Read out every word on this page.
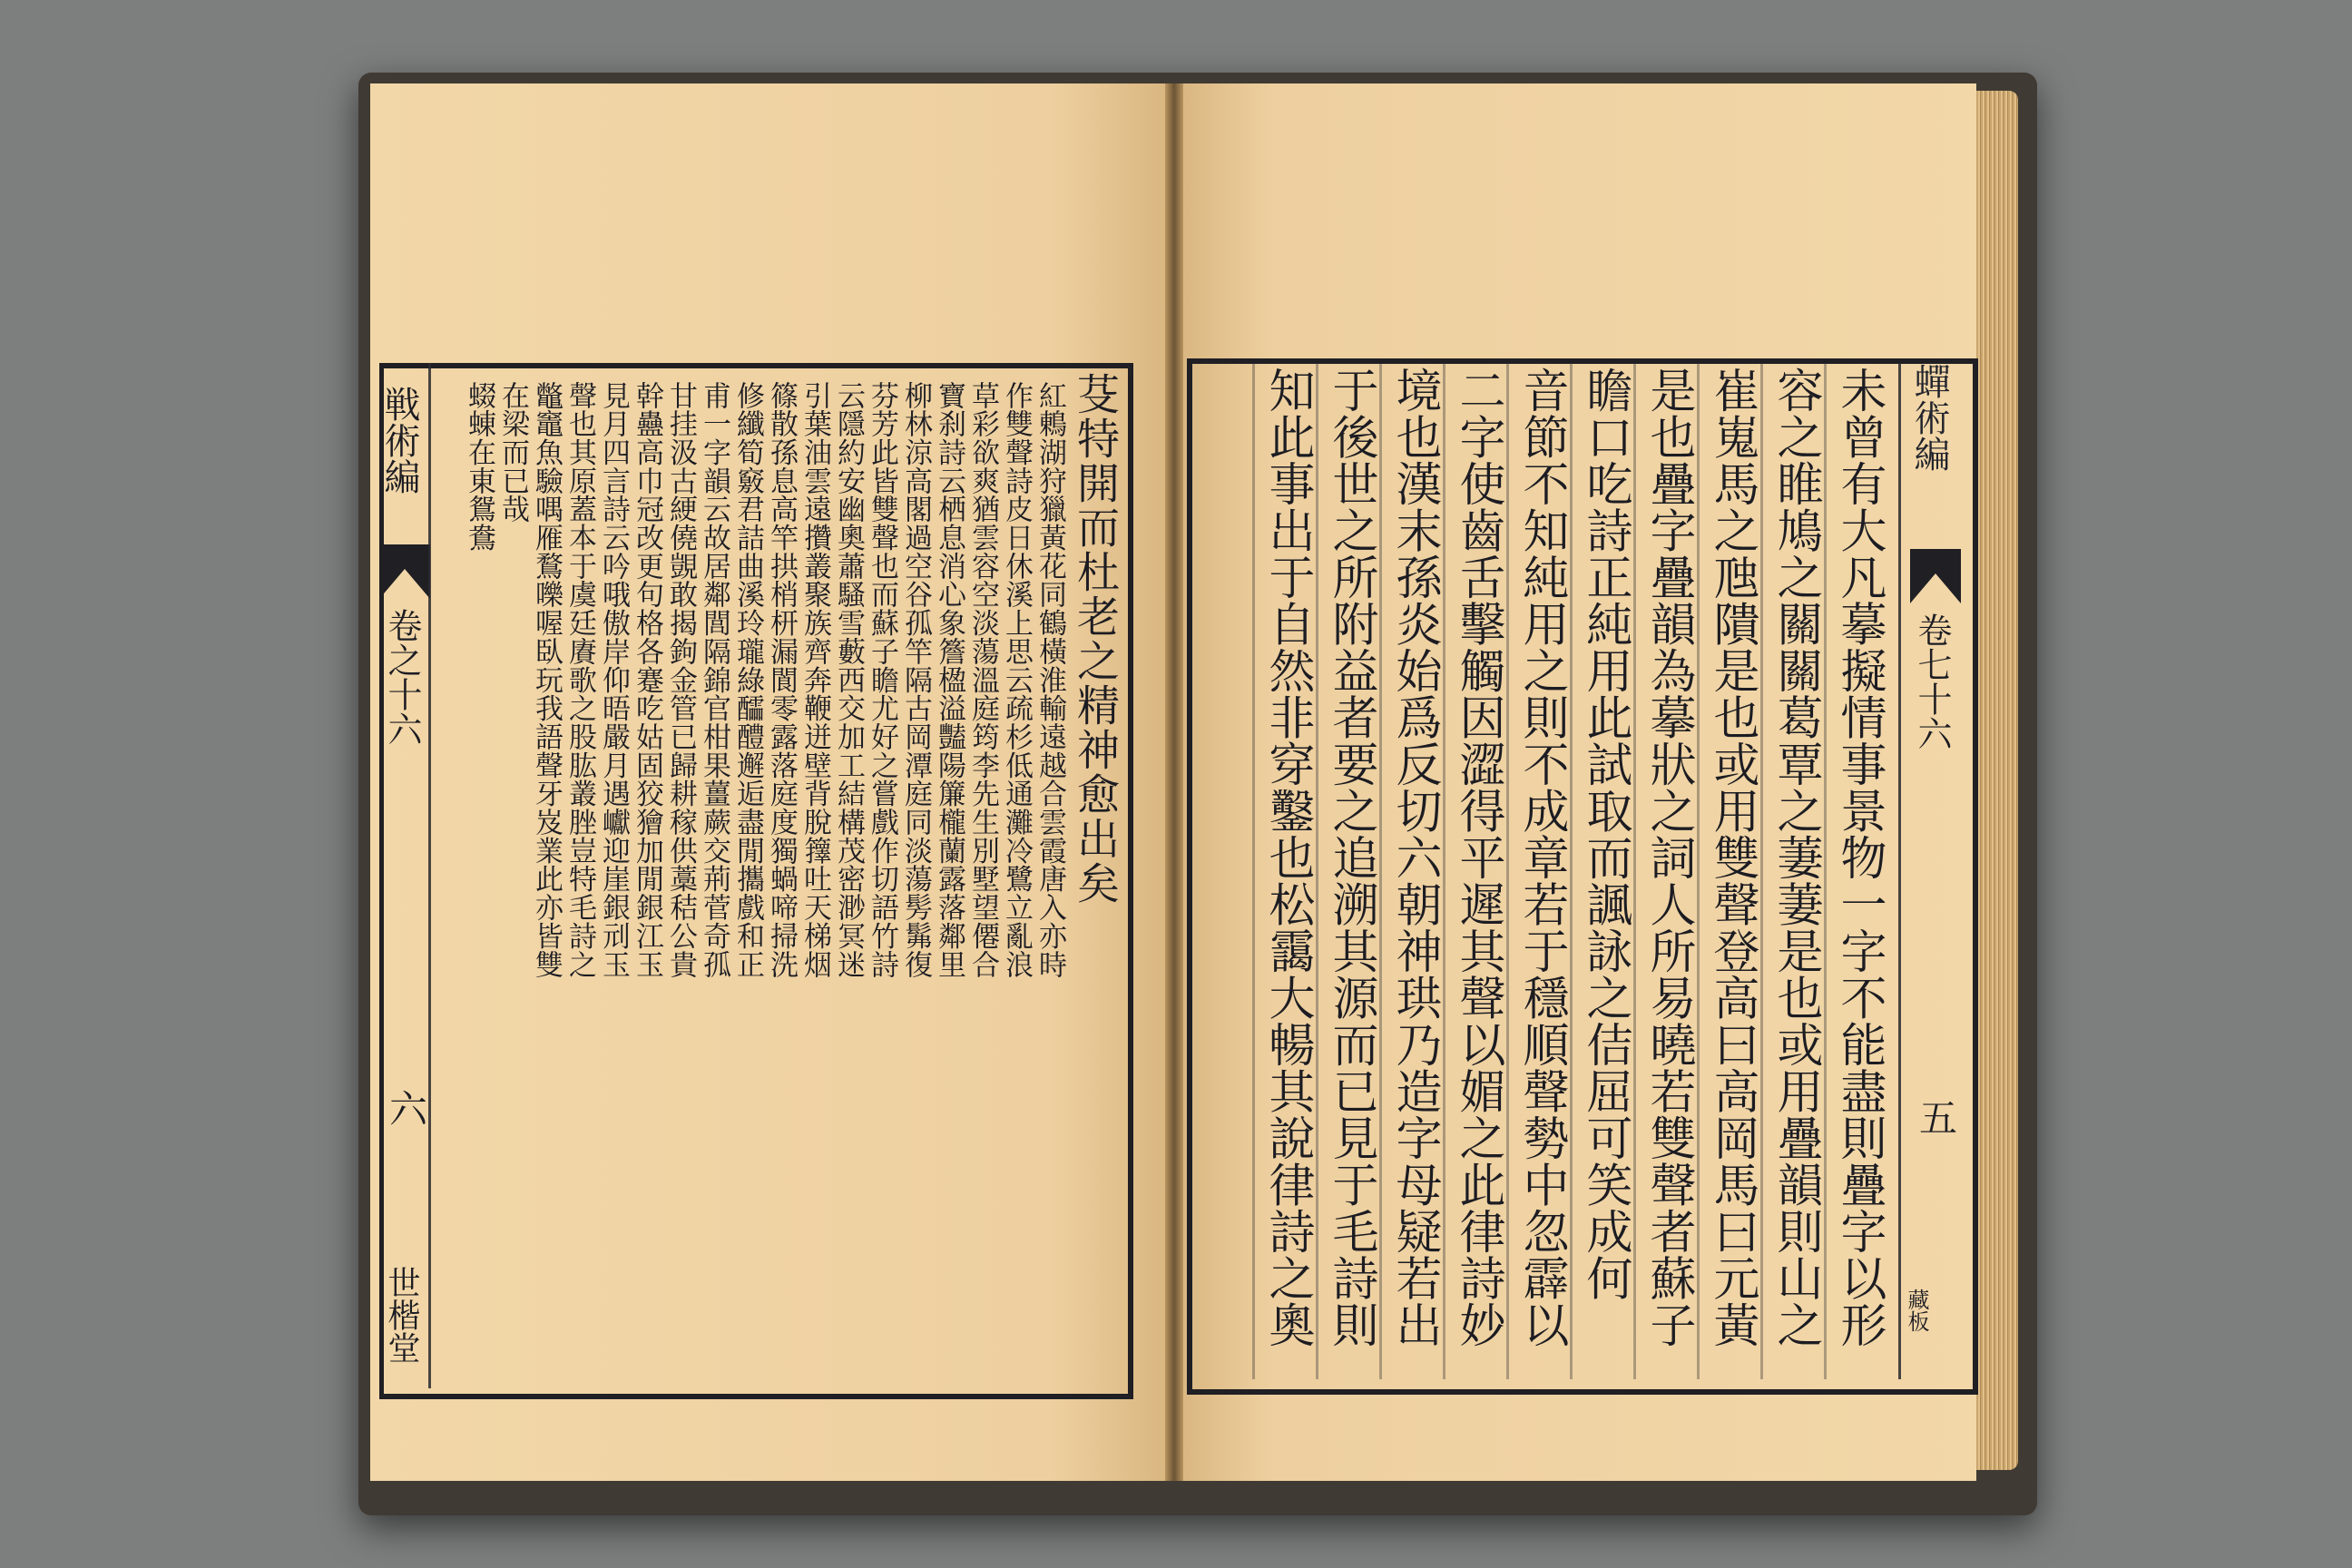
蟬術編
卷七十六
五
藏板
未曾有大凡摹擬情事景物一字不能盡則疊字以形
容之睢鳩之關關葛覃之萋萋是也或用疊韻則山之
崔嵬馬之虺隤是也或用雙聲登高曰高岡馬曰元黃
是也疊字疊韻為摹狀之詞人所易曉若雙聲者蘇子
瞻口吃詩正純用此試取而諷詠之佶屈可笑成何
音節不知純用之則不成章若于穩順聲勢中忽霹以
二字使齒舌擊觸因澀得平遲其聲以媚之此律詩妙
境也漢末孫炎始爲反切六朝神珙乃造字母疑若出
于後世之所附益者要之追溯其源而已見于毛詩則
知此事出于自然非穿鑿也松靄大暢其說律詩之奧
戦術編
卷之十六
六
世楷堂
芟特開而杜老之精神愈出矣
紅鶇湖狩獵黃花同鶴橫淮輸遠越合雲霞唐入亦時
作雙聲詩皮日休溪上思云疏杉低通灘冷鷺立亂浪
草彩欲爽猶雲容空淡蕩溫庭筠李先生別墅望僊合
寶刹詩云栖息消心象簷楹溢豔陽簾櫳蘭露落鄰里
柳林涼高閣過空谷孤竿隔古岡潭庭同淡蕩髣髴復
芬芳此皆雙聲也而蘇子瞻尤好之嘗戲作切語竹詩
云隱約安幽奧蕭騷雪藪西交加工結構茂密渺冥迷
引葉油雲遠攢叢聚族齊奔鞭迸壁背脫籜吐天梯烟
篠散孫息高竿拱梢枅漏閬零露落庭度獨蝸啼掃洗
修纖筍竅君詰曲溪玲瓏綠醽醴邂逅盡閒攜戲和正
甫一字韻云故居鄰閭隔錦官柑果薑蕨交荊菅奇孤
甘挂汲古綆僥覬敢揭鉤金管已歸耕稼供藁秸公貴
幹蠱高巾冠改更句格各蹇吃姑固狡獪加閒銀江玉
見月四言詩云吟哦傲岸仰晤嚴月遇巘迎崖銀刓玉
聲也其原蓋本于虞廷賡歌之股肱叢脞豈特毛詩之
鼈竈魚驗喁雁鶩嚛喔臥玩我語聲牙岌業此亦皆雙
在梁而已哉
蝃蝀在東鴛鴦
